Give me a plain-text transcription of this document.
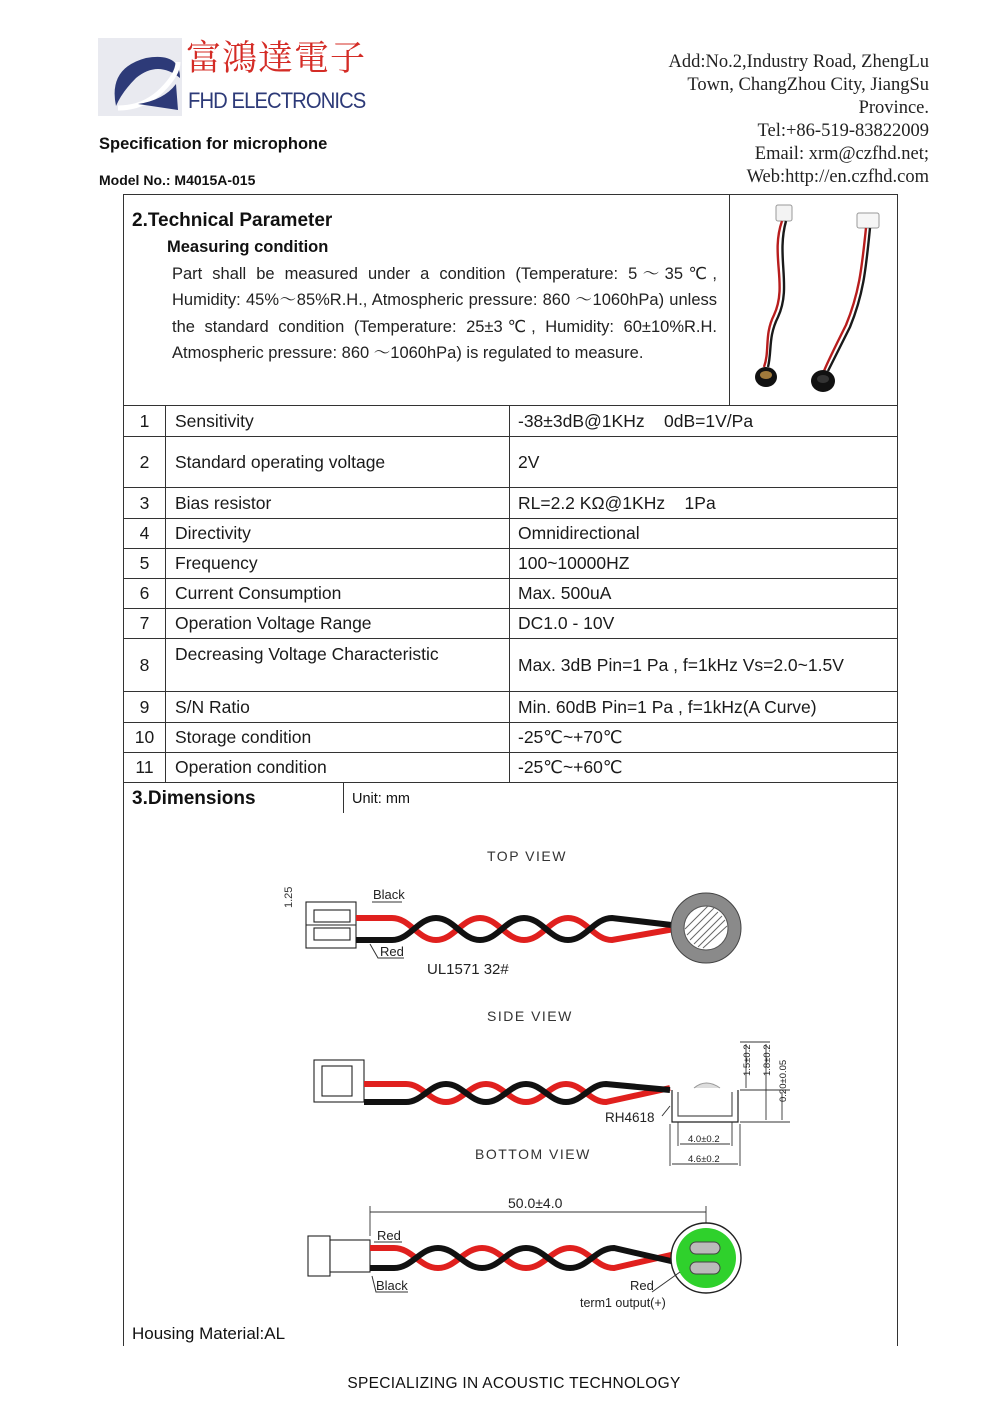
富鴻達電子
FHD ELECTRONICS
Specification for microphone
Model No.: M4015A-015
Add:No.2,Industry Road, ZhengLu
Town, ChangZhou City, JiangSu
Province.
Tel:+86-519-83822009
Email: xrm@czfhd.net;
Web:http://en.czfhd.com
2.Technical Parameter
Measuring condition
Part shall be measured under a condition (Temperature: 5～35℃, Humidity: 45%～85%R.H., Atmospheric pressure: 860 ～1060hPa) unless the standard condition (Temperature: 25±3℃, Humidity: 60±10%R.H. Atmospheric pressure: 860 ～1060hPa) is regulated to measure.
1	Sensitivity	-38±3dB@1KHz    0dB=1V/Pa
2	Standard operating voltage	2V
3	Bias resistor	RL=2.2 KΩ@1KHz    1Pa
4	Directivity	Omnidirectional
5	Frequency	100~10000HZ
6	Current Consumption	Max. 500uA
7	Operation Voltage Range	DC1.0 - 10V
8	Decreasing Voltage Characteristic	Max. 3dB Pin=1 Pa , f=1kHz Vs=2.0~1.5V
9	S/N Ratio	Min. 60dB Pin=1 Pa , f=1kHz(A Curve)
10	Storage condition	-25℃~+70℃
11	Operation condition	-25℃~+60℃
3.Dimensions	Unit: mm
TOP VIEW
1.25	Black
Red
UL1571 32#
SIDE VIEW
RH4618
4.0±0.2
4.6±0.2
1.5±0.2 1.8±0.2 0.20±0.05
BOTTOM VIEW
50.0±4.0
Red
Black	Red
term1 output(+)
Housing Material:AL
SPECIALIZING IN ACOUSTIC TECHNOLOGY
